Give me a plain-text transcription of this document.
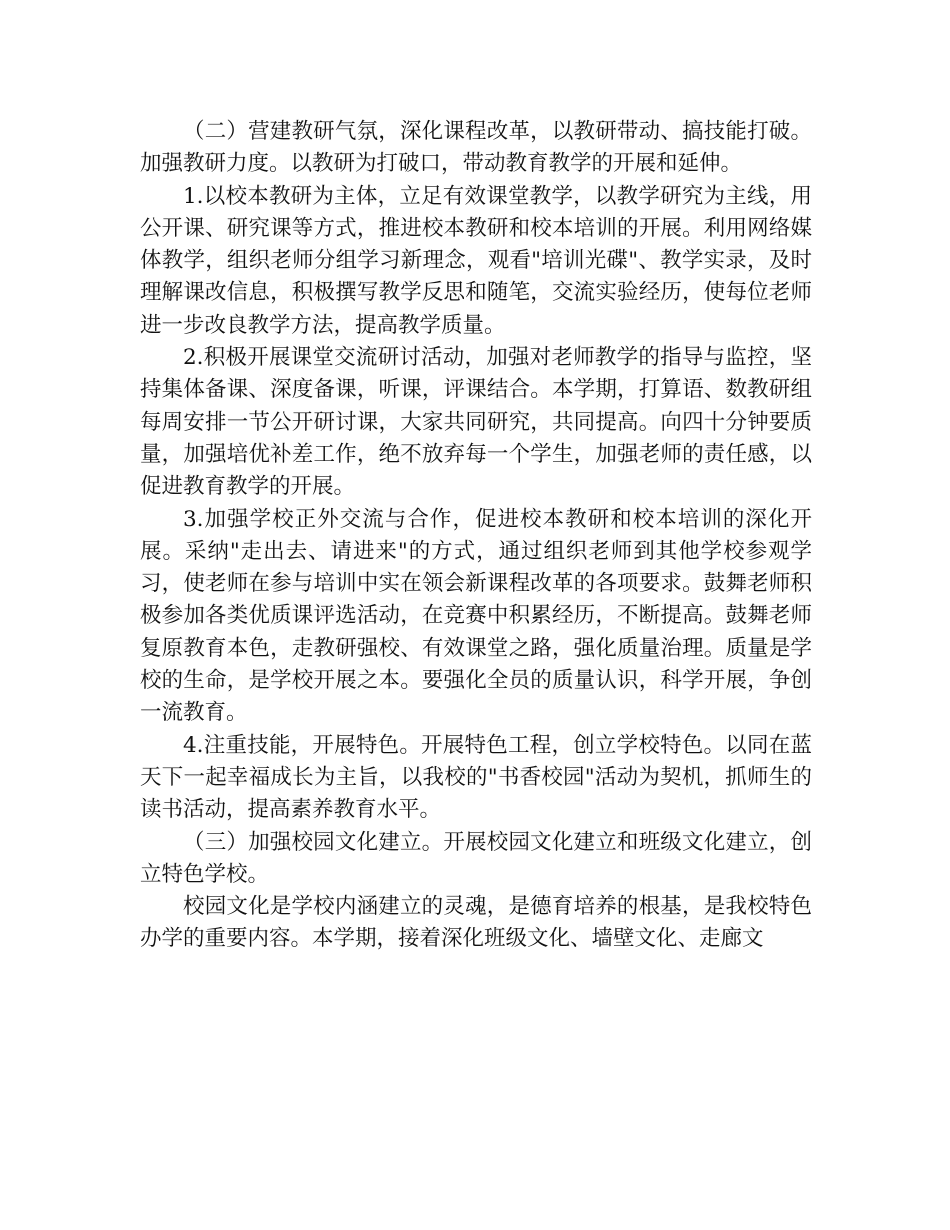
（二）营建教研气氛，深化课程改革，以教研带动、搞技能打破。加强教研力度。以教研为打破口，带动教育教学的开展和延伸。

1.以校本教研为主体，立足有效课堂教学，以教学研究为主线，用公开课、研究课等方式，推进校本教研和校本培训的开展。利用网络媒体教学，组织老师分组学习新理念，观看"培训光碟"、教学实录，及时理解课改信息，积极撰写教学反思和随笔，交流实验经历，使每位老师进一步改良教学方法，提高教学质量。

2.积极开展课堂交流研讨活动，加强对老师教学的指导与监控，坚持集体备课、深度备课，听课，评课结合。本学期，打算语、数教研组每周安排一节公开研讨课，大家共同研究，共同提高。向四十分钟要质量，加强培优补差工作，绝不放弃每一个学生，加强老师的责任感，以促进教育教学的开展。

3.加强学校正外交流与合作，促进校本教研和校本培训的深化开展。采纳"走出去、请进来"的方式，通过组织老师到其他学校参观学习，使老师在参与培训中实在领会新课程改革的各项要求。鼓舞老师积极参加各类优质课评选活动，在竞赛中积累经历，不断提高。鼓舞老师复原教育本色，走教研强校、有效课堂之路，强化质量治理。质量是学校的生命，是学校开展之本。要强化全员的质量认识，科学开展，争创一流教育。

4.注重技能，开展特色。开展特色工程，创立学校特色。以同在蓝天下一起幸福成长为主旨，以我校的"书香校园"活动为契机，抓师生的读书活动，提高素养教育水平。

（三）加强校园文化建立。开展校园文化建立和班级文化建立，创立特色学校。

校园文化是学校内涵建立的灵魂，是德育培养的根基，是我校特色办学的重要内容。本学期，接着深化班级文化、墙壁文化、走廊文
